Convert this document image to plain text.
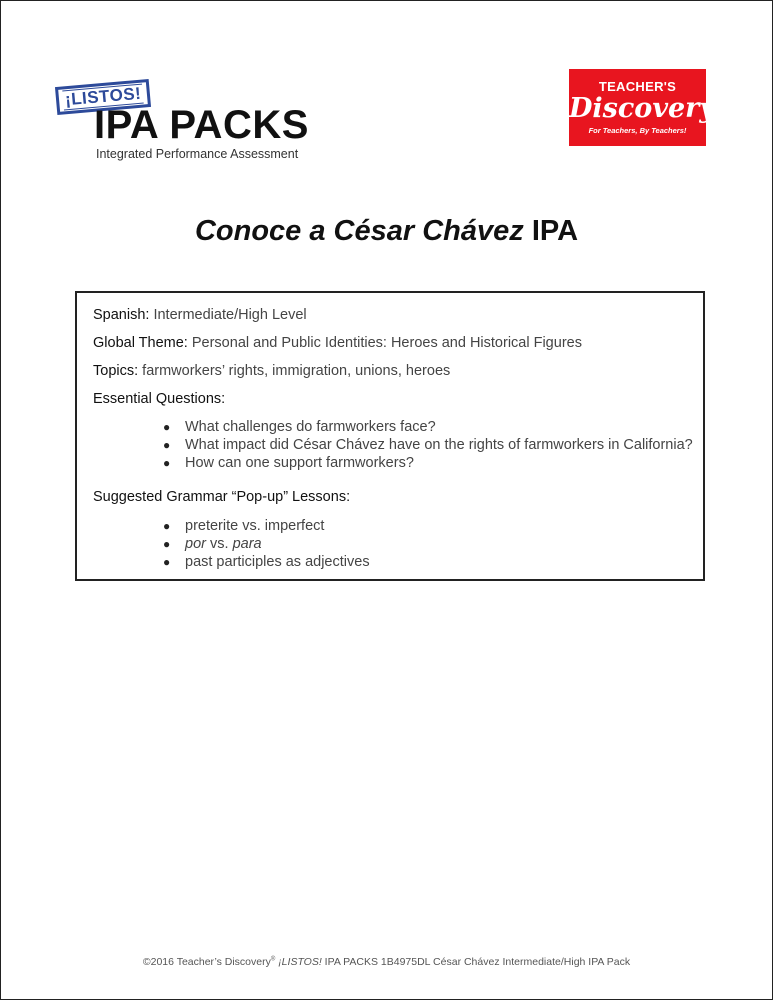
¡LISTOS!
IPA PACKS
Integrated Performance Assessment
TEACHER'S
Discovery
For Teachers, By Teachers!
Conoce a César Chávez IPA
Spanish: Intermediate/High Level
Global Theme: Personal and Public Identities: Heroes and Historical Figures
Topics: farmworkers’ rights, immigration, unions, heroes
Essential Questions:
● What challenges do farmworkers face?
● What impact did César Chávez have on the rights of farmworkers in California?
● How can one support farmworkers?
Suggested Grammar “Pop-up” Lessons:
● preterite vs. imperfect
● por vs. para
● past participles as adjectives
©2016 Teacher’s Discovery® ¡LISTOS! IPA PACKS 1B4975DL César Chávez Intermediate/High IPA Pack
